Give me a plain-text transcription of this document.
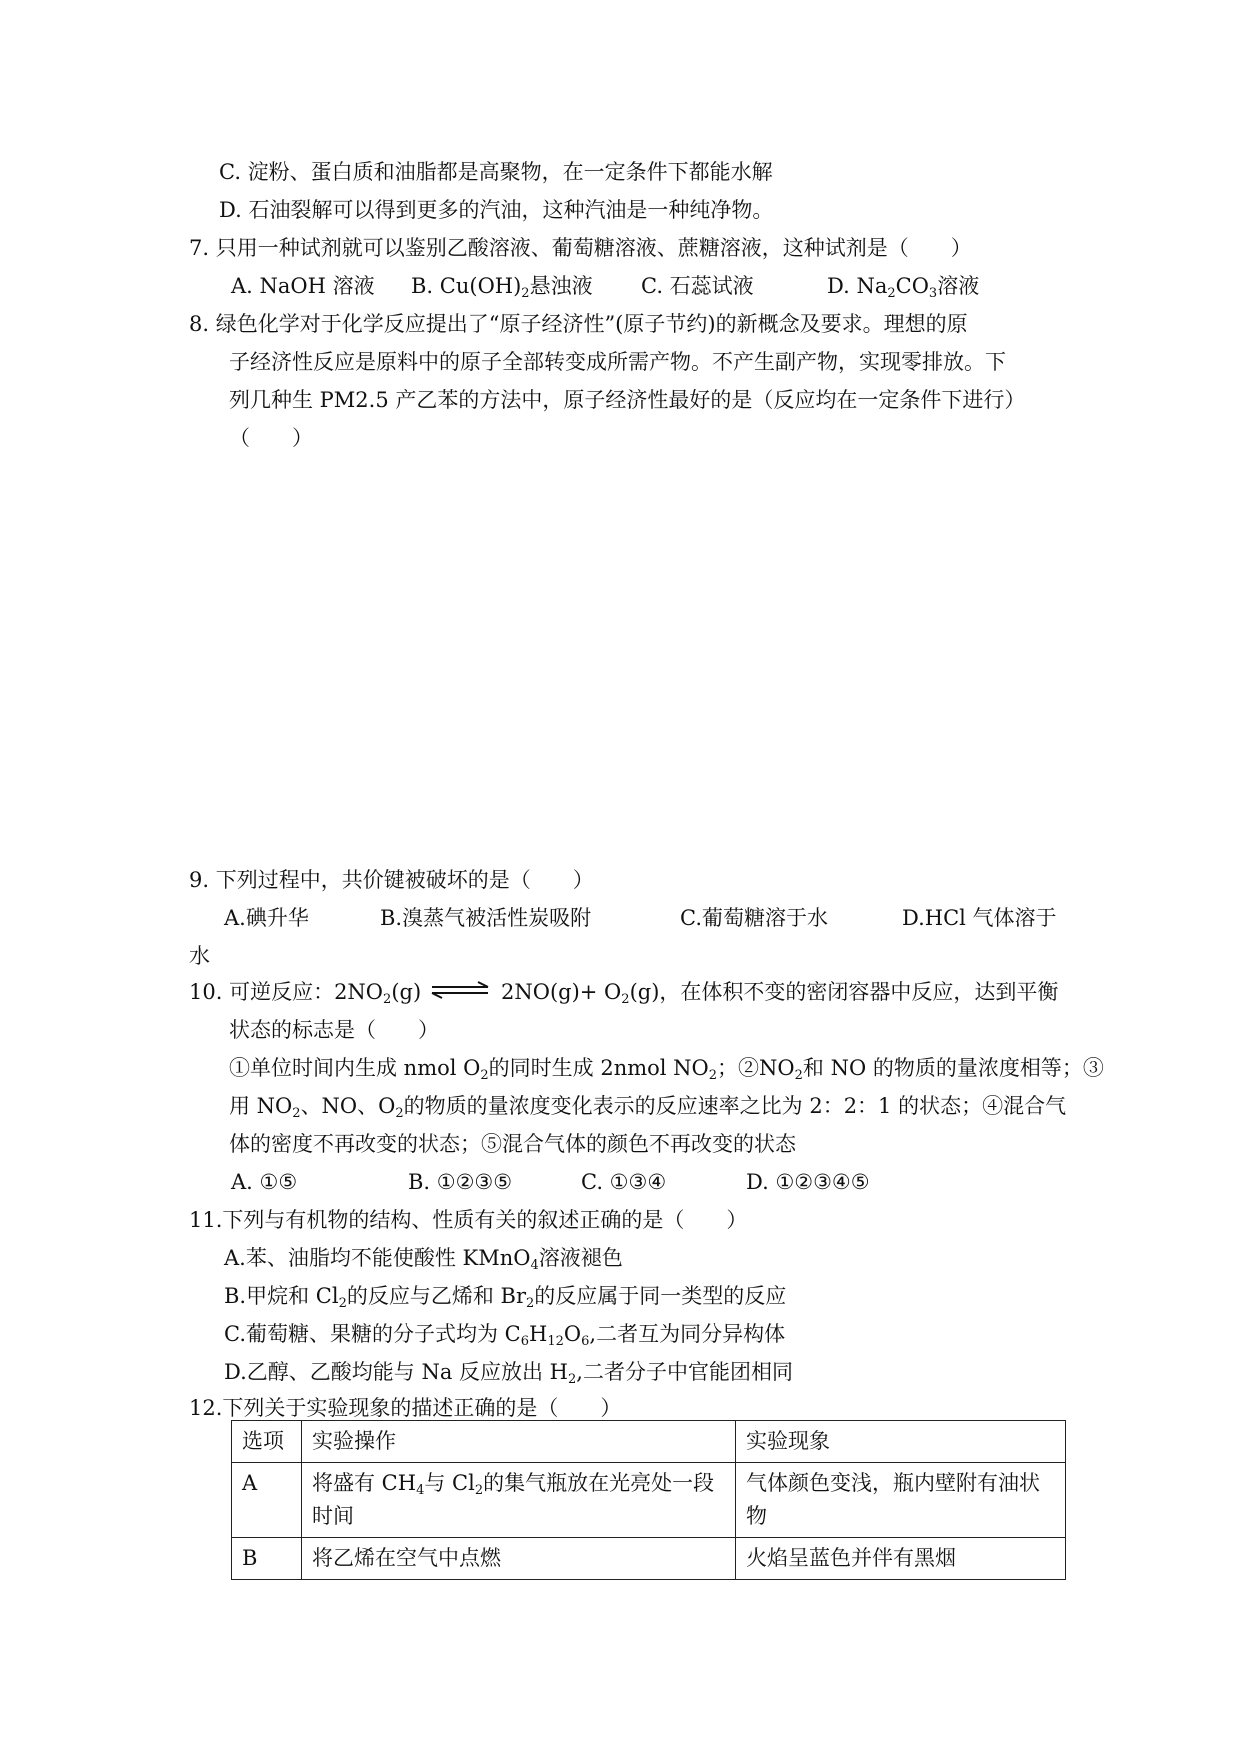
C. 淀粉、蛋白质和油脂都是高聚物，在一定条件下都能水解
D. 石油裂解可以得到更多的汽油，这种汽油是一种纯净物。
7. 只用一种试剂就可以鉴别乙酸溶液、葡萄糖溶液、蔗糖溶液，这种试剂是（　　）
A. NaOH 溶液 B. $Cu(OH)_2$悬浊液 C. 石蕊试液	D. $Na_2CO_3$溶液
8. 绿色化学对于化学反应提出了“原子经济性”(原子节约)的新概念及要求。理想的原
子经济性反应是原料中的原子全部转变成所需产物。不产生副产物，实现零排放。下
列几种生 PM2.5 产乙苯的方法中，原子经济性最好的是（反应均在一定条件下进行）
（　　）
9. 下列过程中，共价键被破坏的是（　　）
A.碘升华	B.溴蒸气被活性炭吸附	C.葡萄糖溶于水	D.HCl 气体溶于
水
10. 可逆反应：$2NO_2(g)$ ⇌ $2NO(g)+ O_2(g)$，在体积不变的密闭容器中反应，达到平衡
状态的标志是（　　）
①单位时间内生成 nmol $O_2$的同时生成 2nmol $NO_2$；$②NO_2$和 NO 的物质的量浓度相等；③
用 $NO_2$、NO、$O_2$的物质的量浓度变化表示的反应速率之比为 2：2：1 的状态；④混合气
体的密度不再改变的状态；⑤混合气体的颜色不再改变的状态
A. ①⑤	B. ①②③⑤	C. ①③④	D. ①②③④⑤
11.下列与有机物的结构、性质有关的叙述正确的是（　　）
A.苯、油脂均不能使酸性 KMnO$_4$溶液褪色
B.甲烷和 $Cl_2$的反应与乙烯和 $Br_2$的反应属于同一类型的反应
C.葡萄糖、果糖的分子式均为 $C_6H_{12}O_6$,二者互为同分异构体
D.乙醇、乙酸均能与 Na 反应放出 $H_2$,二者分子中官能团相同
12.下列关于实验现象的描述正确的是（　　）
选项	实验操作	实验现象
A	将盛有 $CH_4$与 $Cl_2$的集气瓶放在光亮处一段
时间	气体颜色变浅，瓶内壁附有油状
物
B	将乙烯在空气中点燃	火焰呈蓝色并伴有黑烟
